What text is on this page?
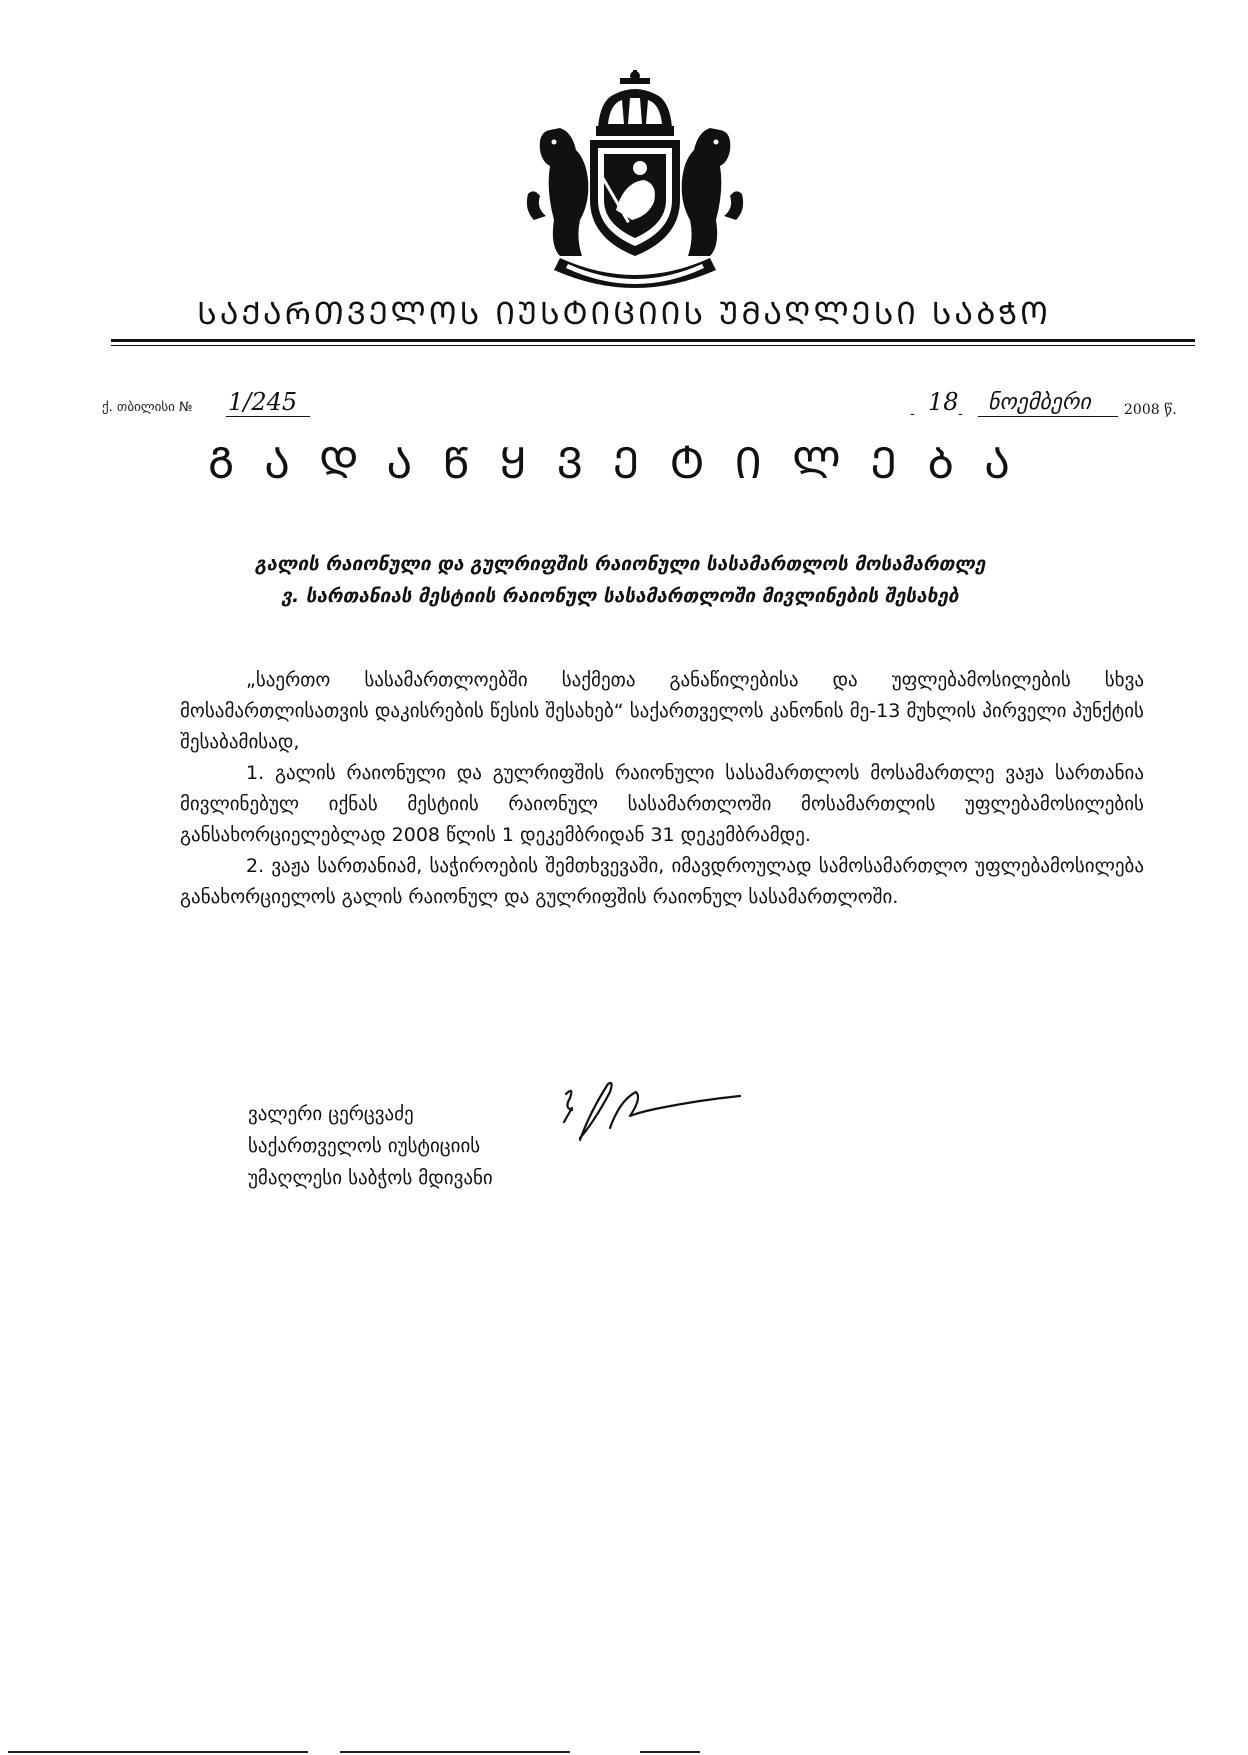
ᲡᲐᲥᲐᲠᲗᲕᲔᲚᲝᲡ ᲘᲣᲡᲢᲘᲪᲘᲘᲡ ᲣᲛᲐᲦᲚᲔᲡᲘ ᲡᲐᲑᲭᲝ
ქ. თბილისი № 1/245	- 18 - ნოემბერი 2008 წ.
ᲒᲐᲓᲐᲬᲧᲕᲔᲢᲘᲚᲔᲑᲐ
გალის რაიონული და გულრიფშის რაიონული სასამართლოს მოსამართლე
ვ. სართანიას მესტიის რაიონულ სასამართლოში მივლინების შესახებ

„საერთო სასამართლოებში საქმეთა განაწილებისა და უფლებამოსილების სხვა მოსამართლისათვის დაკისრების წესის შესახებ“ საქართველოს კანონის მე-13 მუხლის პირველი პუნქტის შესაბამისად,

1. გალის რაიონული და გულრიფშის რაიონული სასამართლოს მოსამართლე ვაჟა სართანია მივლინებულ იქნას მესტიის რაიონულ სასამართლოში მოსამართლის უფლებამოსილების განსახორციელებლად 2008 წლის 1 დეკემბრიდან 31 დეკემბრამდე.

2. ვაჟა სართანიამ, საჭიროების შემთხვევაში, იმავდროულად სამოსამართლო უფლებამოსილება განახორციელოს გალის რაიონულ და გულრიფშის რაიონულ სასამართლოში.

ვალერი ცერცვაძე
საქართველოს იუსტიციის
უმაღლესი საბჭოს მდივანი
